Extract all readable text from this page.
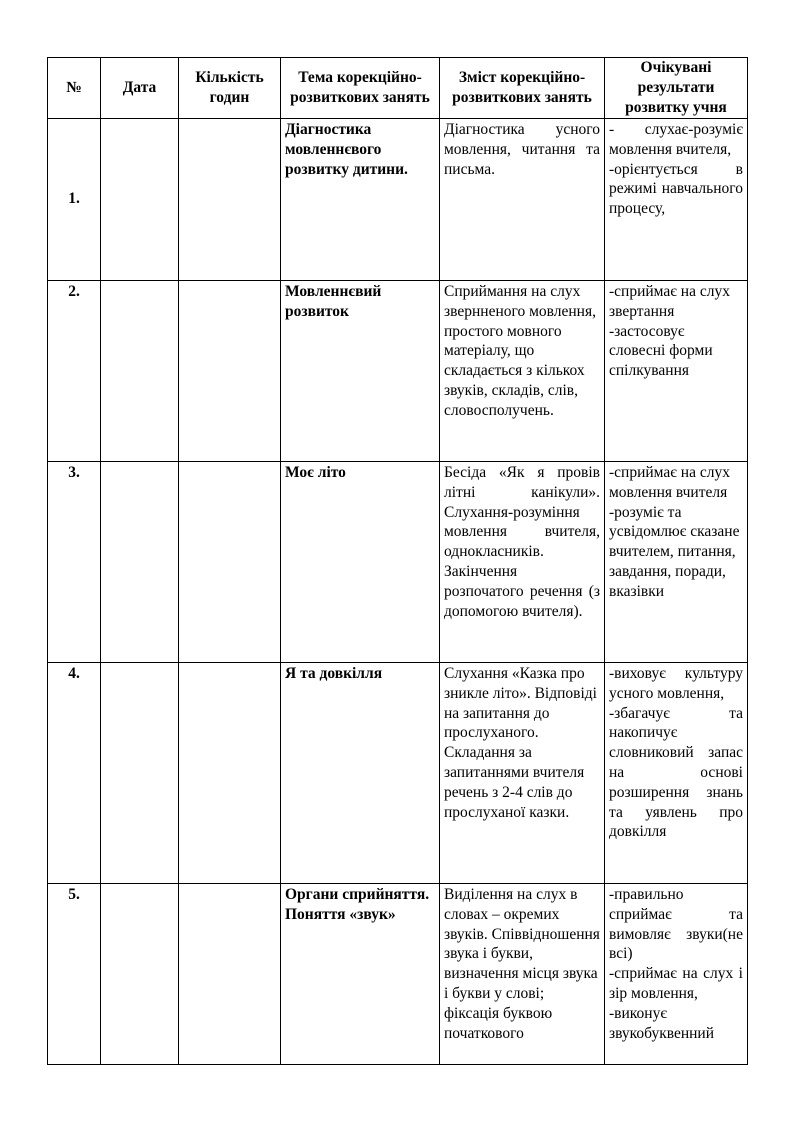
№	Дата	Кількість годин	Тема корекційно-розвиткових занять	Зміст корекційно-розвиткових занять	Очікувані результати розвитку учня
1.			Діагностика мовленнєвого розвитку дитини.	Діагностика усного мовлення, читання та письма.	- слухає-розуміє мовлення вчителя,
-орієнтується в режимі навчального процесу,

2.			Мовленнєвий розвиток	Сприймання на слух звернненого мовлення, простого мовного матеріалу, що складається з кількох звуків, складів, слів, словосполучень.	-сприймає на слух звертання
-застосовує словесні форми спілкування

3.			Моє літо	Бесіда «Як я провів літні канікули». Слухання-розуміння мовлення вчителя, однокласників. Закінчення розпочатого речення (з допомогою вчителя).	-сприймає на слух мовлення вчителя
-розуміє та усвідомлює сказане вчителем, питання, завдання, поради, вказівки

4.			Я та довкілля	Слухання «Казка про зникле літо». Відповіді на запитання до прослуханого. Складання за запитаннями вчителя речень з 2-4 слів до прослуханої казки.	-виховує культуру усного мовлення,
-збагачує та накопичує словниковий запас на основі розширення знань та уявлень про довкілля

5.			Органи сприйняття. Поняття «звук»	Виділення на слух в словах – окремих звуків. Співвідношення звука і букви, визначення місця звука і букви у слові; фіксація буквою початкового	-правильно сприймає та вимовляє звуки(не всі)
-сприймає на слух і зір мовлення,
-виконує звукобуквенний
